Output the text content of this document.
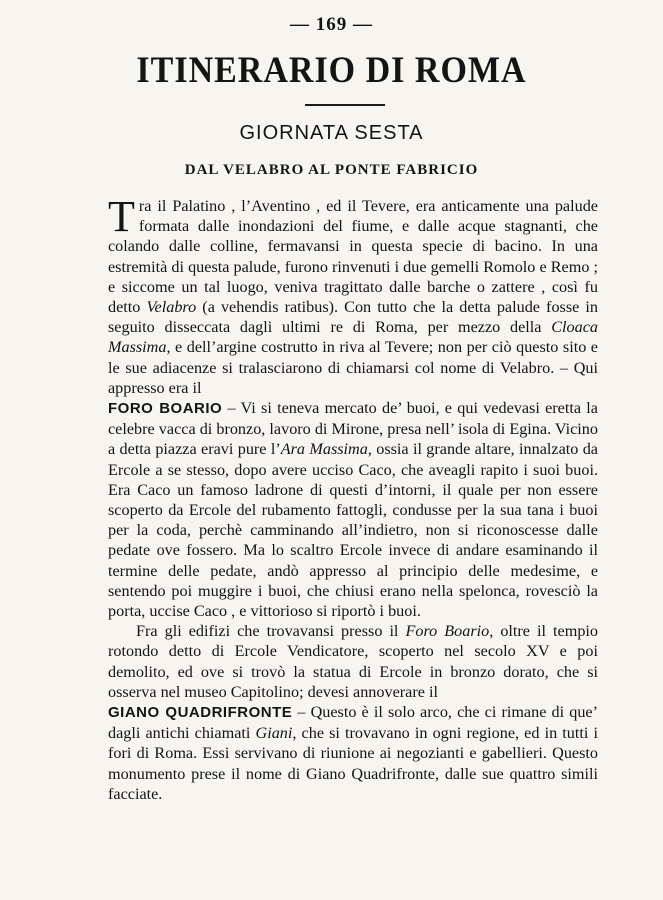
— 169 —
ITINERARIO DI ROMA
GIORNATA SESTA
DAL VELABRO AL PONTE FABRICIO

Tra il Palatino , l’Aventino , ed il Tevere, era anticamente una palude formata dalle inondazioni del fiume, e dalle acque stagnanti, che colando dalle colline, fermavansi in questa specie di bacino. In una estremità di questa palude, furono rinvenuti i due gemelli Romolo e Remo ; e siccome un tal luogo, veniva tragittato dalle barche o zattere , così fu detto Velabro (a vehendis ratibus). Con tutto che la detta palude fosse in seguito disseccata dagli ultimi re di Roma, per mezzo della Cloaca Massima, e dell’argine costrutto in riva al Tevere; non per ciò questo sito e le sue adiacenze si tralasciarono di chiamarsi col nome di Velabro. – Qui appresso era il

FORO BOARIO – Vi si teneva mercato de’ buoi, e qui vedevasi eretta la celebre vacca di bronzo, lavoro di Mirone, presa nell’ isola di Egina. Vicino a detta piazza eravi pure l’Ara Massima, ossia il grande altare, innalzato da Ercole a se stesso, dopo avere ucciso Caco, che aveagli rapito i suoi buoi. Era Caco un famoso ladrone di questi d’intorni, il quale per non essere scoperto da Ercole del rubamento fattogli, condusse per la sua tana i buoi per la coda, perchè camminando all’indietro, non si riconoscesse dalle pedate ove fossero. Ma lo scaltro Ercole invece di andare esaminando il termine delle pedate, andò appresso al principio delle medesime, e sentendo poi muggire i buoi, che chiusi erano nella spelonca, rovesciò la porta, uccise Caco , e vittorioso si riportò i buoi.

Fra gli edifizi che trovavansi presso il Foro Boario, oltre il tempio rotondo detto di Ercole Vendicatore, scoperto nel secolo XV e poi demolito, ed ove si trovò la statua di Ercole in bronzo dorato, che si osserva nel museo Capitolino; devesi annoverare il

GIANO QUADRIFRONTE – Questo è il solo arco, che ci rimane di que’ dagli antichi chiamati Giani, che si trovavano in ogni regione, ed in tutti i fori di Roma. Essi servivano di riunione ai negozianti e gabellieri. Questo monumento prese il nome di Giano Quadrifronte, dalle sue quattro simili facciate.
